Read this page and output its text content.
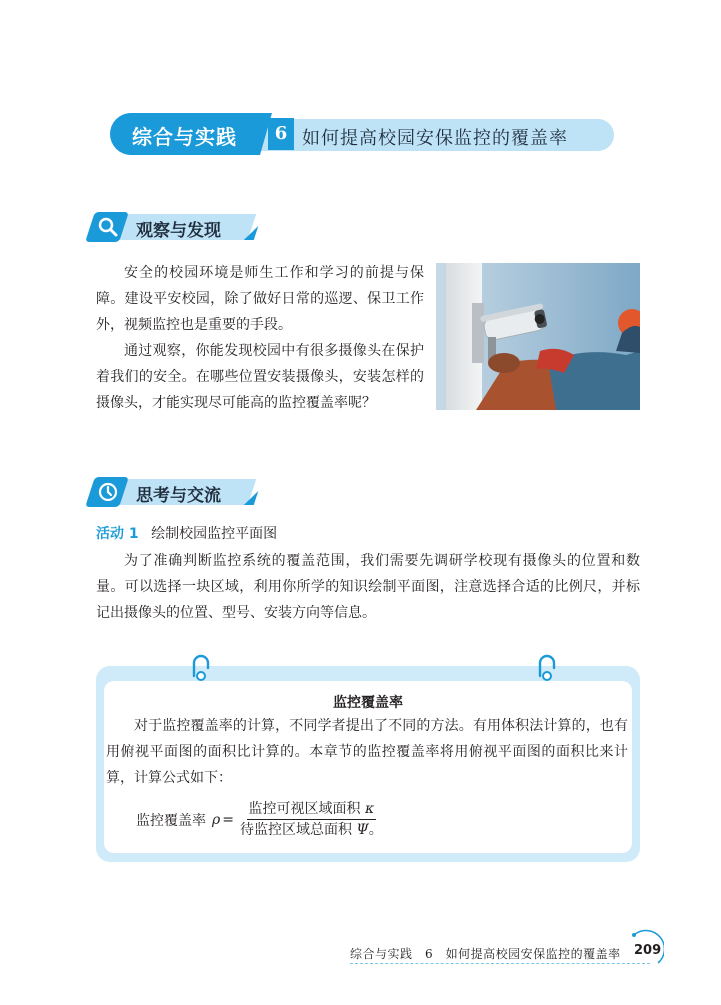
综合与实践	6 如何提高校园安保监控的覆盖率
观察与发现

安全的校园环境是师生工作和学习的前提与保障。建设平安校园，除了做好日常的巡逻、保卫工作外，视频监控也是重要的手段。

通过观察，你能发现校园中有很多摄像头在保护着我们的安全。在哪些位置安装摄像头，安装怎样的摄像头，才能实现尽可能高的监控覆盖率呢？

思考与交流
活动 1 绘制校园监控平面图

为了准确判断监控系统的覆盖范围，我们需要先调研学校现有摄像头的位置和数量。可以选择一块区域，利用你所学的知识绘制平面图，注意选择合适的比例尺，并标记出摄像头的位置、型号、安装方向等信息。

监控覆盖率

对于监控覆盖率的计算，不同学者提出了不同的方法。有用体积法计算的，也有用俯视平面图的面积比计算的。本章节的监控覆盖率将用俯视平面图的面积比来计算，计算公式如下：

监控覆盖率 $\rho = \frac{\text{监控可视区域面积 κ}}{\text{待监控区域总面积 Ψ。}}$
综合与实践　6　如何提高校园安保监控的覆盖率 209
